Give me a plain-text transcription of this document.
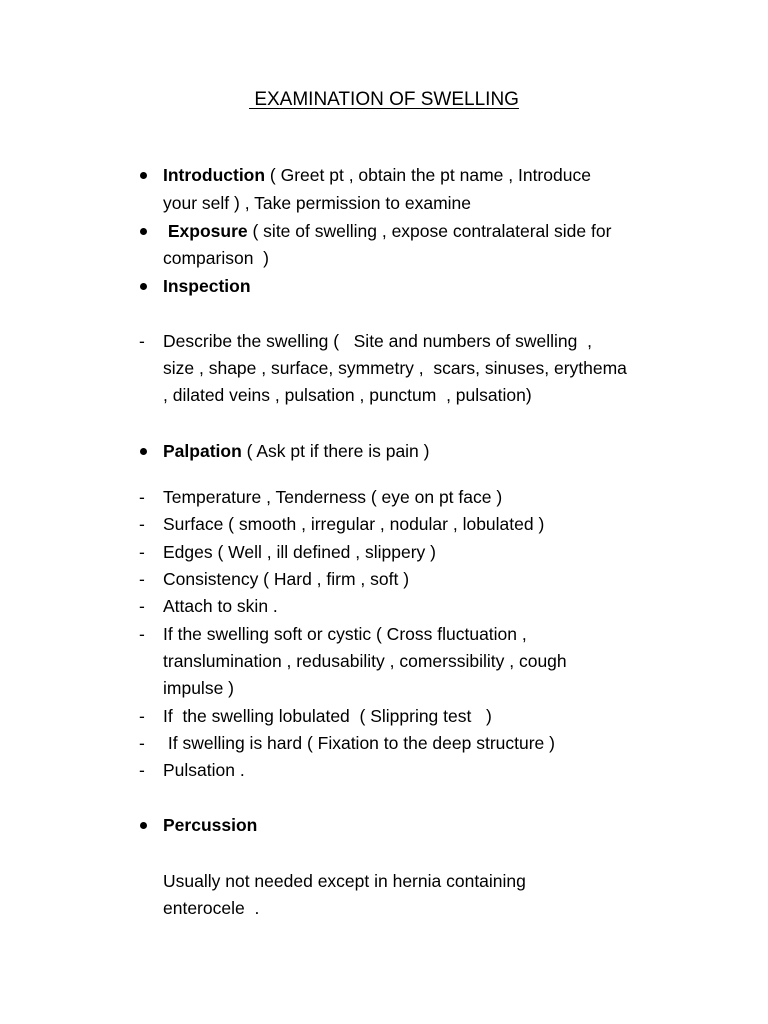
EXAMINATION OF SWELLING
Introduction ( Greet pt , obtain the pt name , Introduce
your self ) , Take permission to examine
Exposure ( site of swelling , expose contralateral side for
comparison  )
Inspection
- Describe the swelling (   Site and numbers of swelling  ,
size , shape , surface, symmetry ,  scars, sinuses, erythema
, dilated veins , pulsation , punctum  , pulsation)
Palpation ( Ask pt if there is pain )
- Temperature , Tenderness ( eye on pt face )
- Surface ( smooth , irregular , nodular , lobulated )
- Edges ( Well , ill defined , slippery )
- Consistency ( Hard , firm , soft )
- Attach to skin .
- If the swelling soft or cystic ( Cross fluctuation ,
translumination , redusability , comerssibility , cough
impulse )
- If  the swelling lobulated  ( Slippring test   )
- If swelling is hard ( Fixation to the deep structure )
- Pulsation .
Percussion
Usually not needed except in hernia containing
enterocele  .
